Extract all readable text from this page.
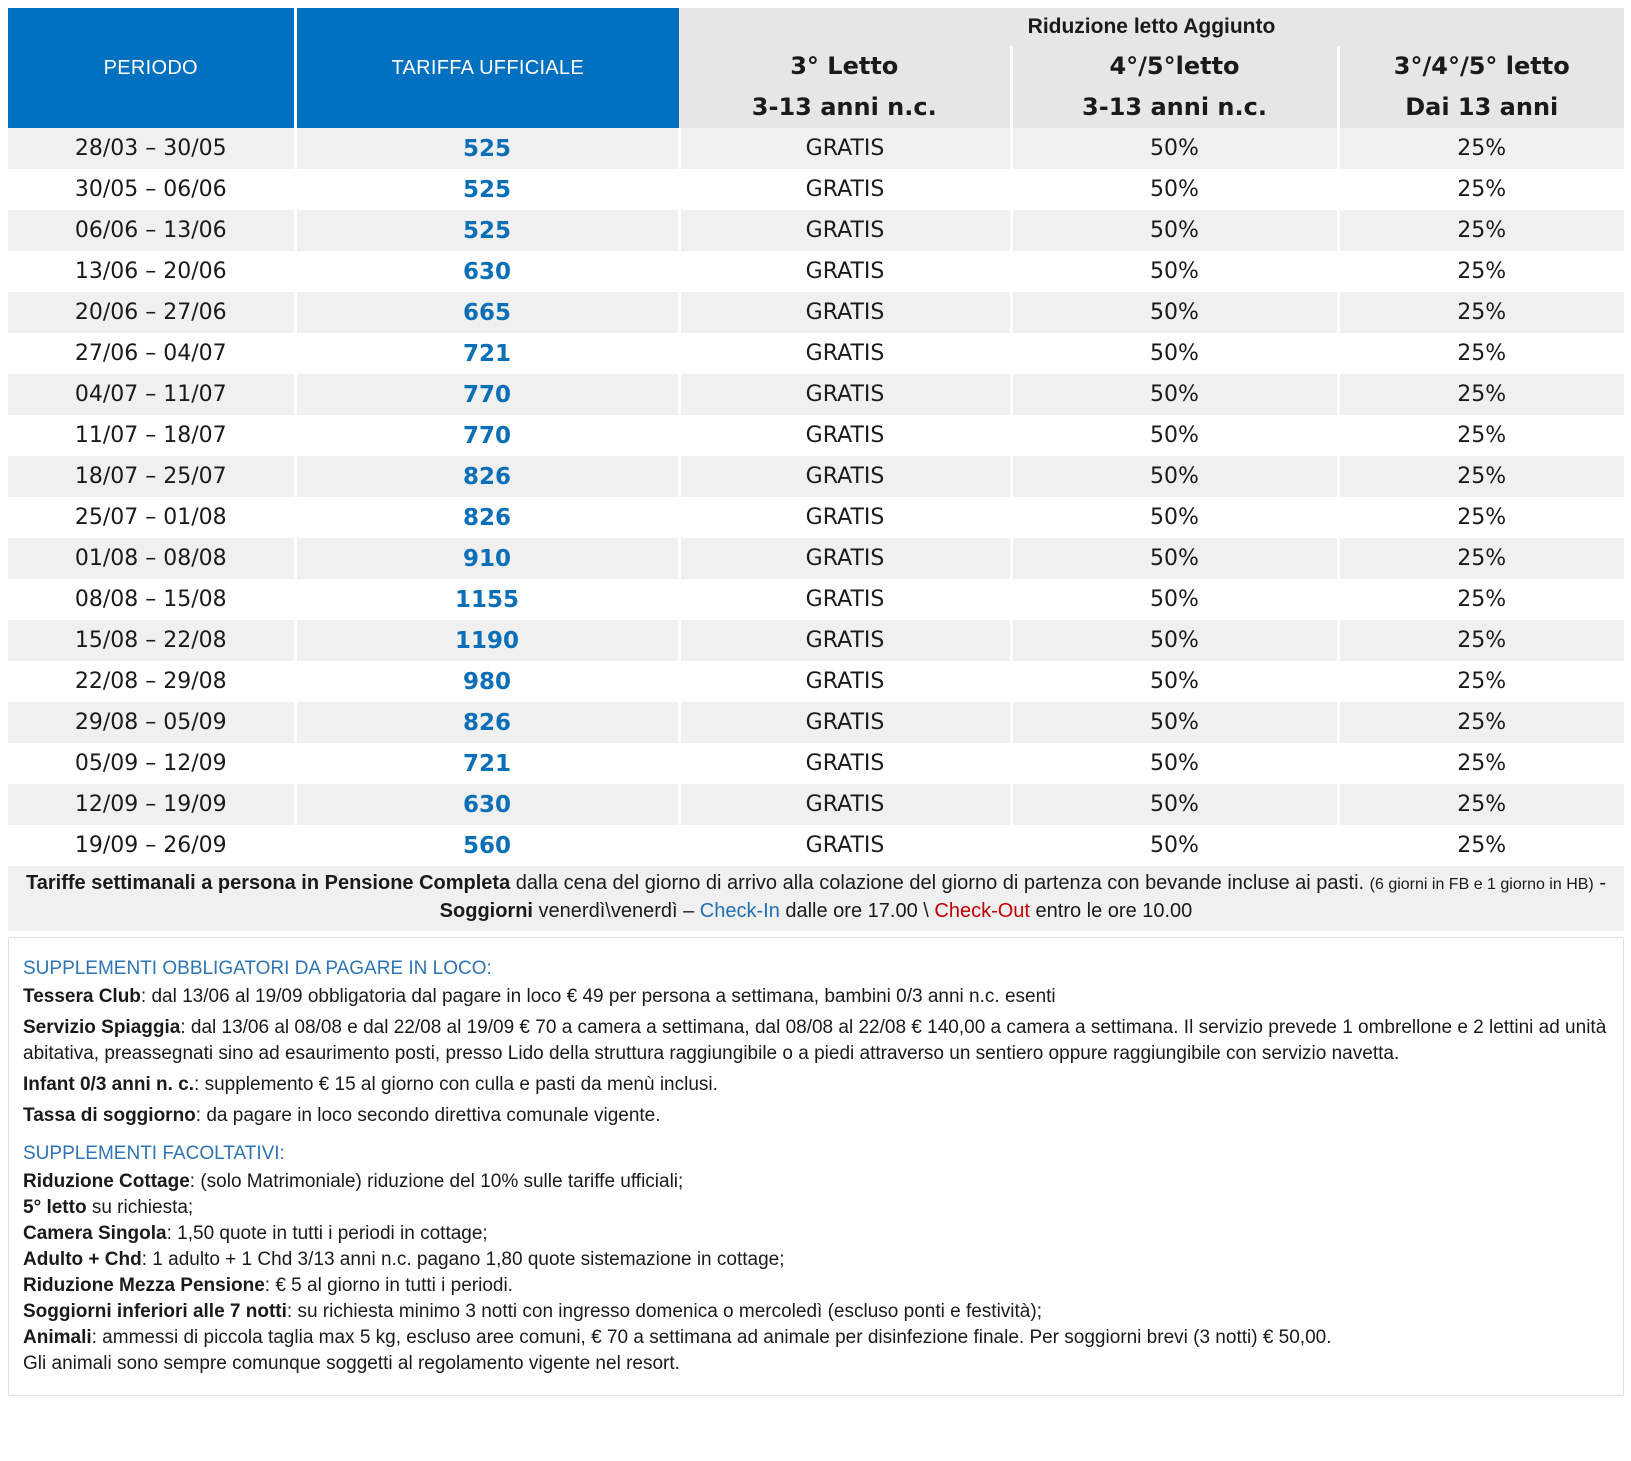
PERIODO	TARIFFA UFFICIALE	Riduzione letto Aggiunto		
		3° Letto	4°/5°letto	3°/4°/5° letto
		3-13 anni n.c.	3-13 anni n.c.	Dai 13 anni
28/03 – 30/05	525	GRATIS	50%	25%
30/05 – 06/06	525	GRATIS	50%	25%
06/06 – 13/06	525	GRATIS	50%	25%
13/06 – 20/06	630	GRATIS	50%	25%
20/06 – 27/06	665	GRATIS	50%	25%
27/06 – 04/07	721	GRATIS	50%	25%
04/07 – 11/07	770	GRATIS	50%	25%
11/07 – 18/07	770	GRATIS	50%	25%
18/07 – 25/07	826	GRATIS	50%	25%
25/07 – 01/08	826	GRATIS	50%	25%
01/08 – 08/08	910	GRATIS	50%	25%
08/08 – 15/08	1155	GRATIS	50%	25%
15/08 – 22/08	1190	GRATIS	50%	25%
22/08 – 29/08	980	GRATIS	50%	25%
29/08 – 05/09	826	GRATIS	50%	25%
05/09 – 12/09	721	GRATIS	50%	25%
12/09 – 19/09	630	GRATIS	50%	25%
19/09 – 26/09	560	GRATIS	50%	25%
Tariffe settimanali a persona in Pensione Completa dalla cena del giorno di arrivo alla colazione del giorno di partenza con bevande incluse ai pasti. (6 giorni in FB e 1 giorno in HB) - Soggiorni venerdì\venerdì – Check-In dalle ore 17.00 \ Check-Out entro le ore 10.00
SUPPLEMENTI OBBLIGATORI DA PAGARE IN LOCO:

Tessera Club: dal 13/06 al 19/09 obbligatoria dal pagare in loco € 49 per persona a settimana, bambini 0/3 anni n.c. esenti

Servizio Spiaggia: dal 13/06 al 08/08 e dal 22/08 al 19/09 € 70 a camera a settimana, dal 08/08 al 22/08 € 140,00 a camera a settimana. Il servizio prevede 1 ombrellone e 2 lettini ad unità abitativa, preassegnati sino ad esaurimento posti, presso Lido della struttura raggiungibile o a piedi attraverso un sentiero oppure raggiungibile con servizio navetta.

Infant 0/3 anni n. c.: supplemento € 15 al giorno con culla e pasti da menù inclusi.

Tassa di soggiorno: da pagare in loco secondo direttiva comunale vigente.

SUPPLEMENTI FACOLTATIVI:

Riduzione Cottage: (solo Matrimoniale) riduzione del 10% sulle tariffe ufficiali;

5° letto su richiesta;

Camera Singola: 1,50 quote in tutti i periodi in cottage;

Adulto + Chd: 1 adulto + 1 Chd 3/13 anni n.c. pagano 1,80 quote sistemazione in cottage;

Riduzione Mezza Pensione: € 5 al giorno in tutti i periodi.

Soggiorni inferiori alle 7 notti: su richiesta minimo 3 notti con ingresso domenica o mercoledì (escluso ponti e festività);

Animali: ammessi di piccola taglia max 5 kg, escluso aree comuni, € 70 a settimana ad animale per disinfezione finale. Per soggiorni brevi (3 notti) € 50,00.

Gli animali sono sempre comunque soggetti al regolamento vigente nel resort.
